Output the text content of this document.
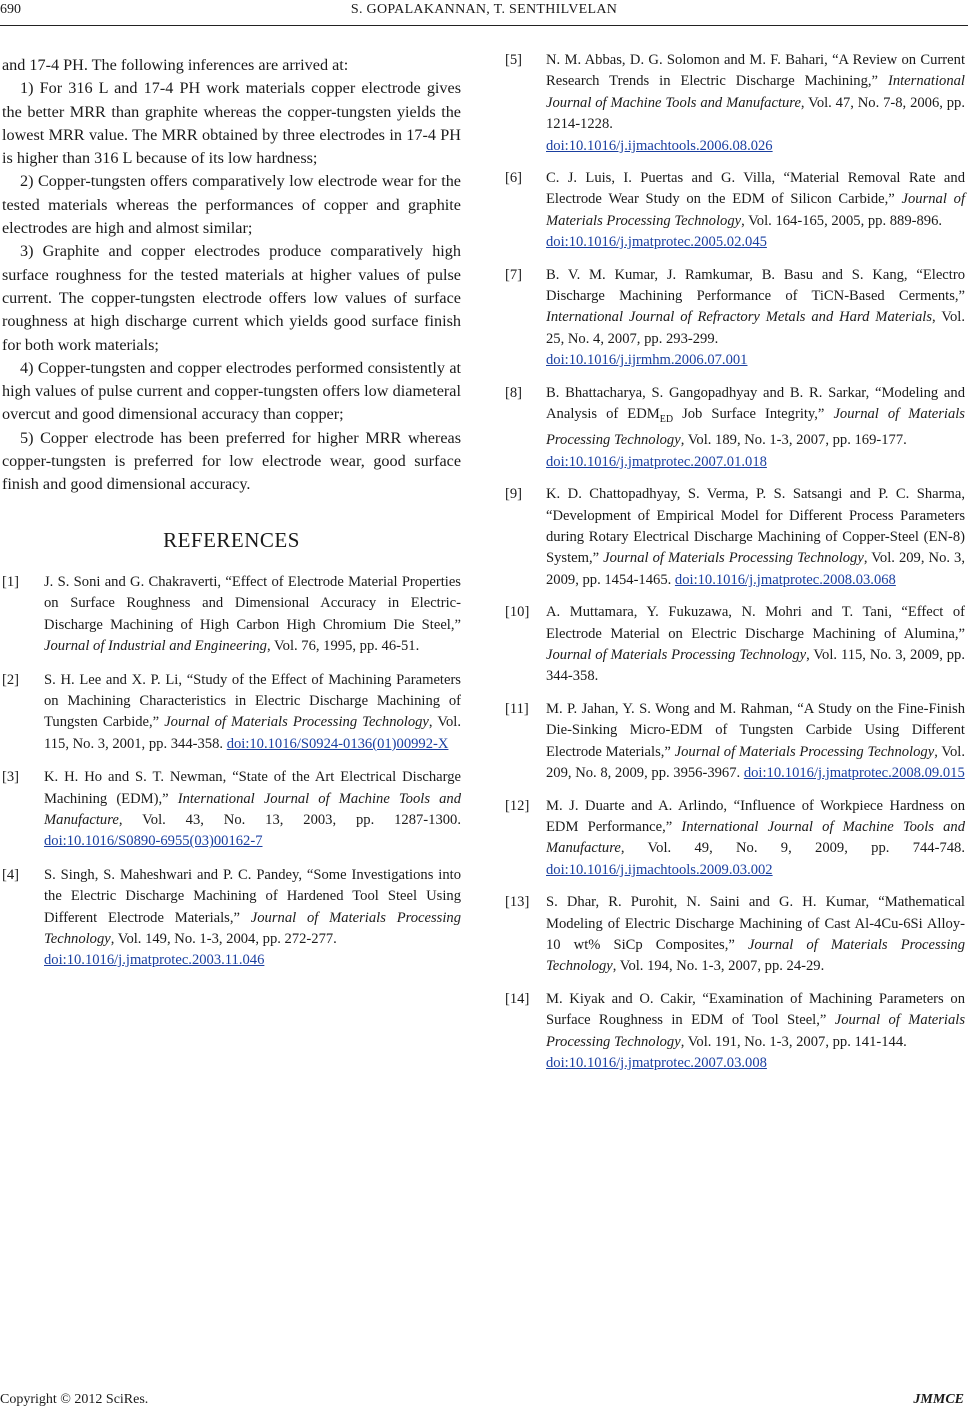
690	S. GOPALAKANNAN, T. SENTHILVELAN

and 17-4 PH. The following inferences are arrived at:

1) For 316 L and 17-4 PH work materials copper electrode gives the better MRR than graphite whereas the copper-tungsten yields the lowest MRR value. The MRR obtained by three electrodes in 17-4 PH is higher than 316 L because of its low hardness;

2) Copper-tungsten offers comparatively low electrode wear for the tested materials whereas the performances of copper and graphite electrodes are high and almost similar;

3) Graphite and copper electrodes produce comparatively high surface roughness for the tested materials at higher values of pulse current. The copper-tungsten electrode offers low values of surface roughness at high discharge current which yields good surface finish for both work materials;

4) Copper-tungsten and copper electrodes performed consistently at high values of pulse current and copper-tungsten offers low diameteral overcut and good dimensional accuracy than copper;

5) Copper electrode has been preferred for higher MRR whereas copper-tungsten is preferred for low electrode wear, good surface finish and good dimensional accuracy.

REFERENCES
[1] J. S. Soni and G. Chakraverti, “Effect of Electrode Material Properties on Surface Roughness and Dimensional Accuracy in Electric-Discharge Machining of High Carbon High Chromium Die Steel,” Journal of Industrial and Engineering, Vol. 76, 1995, pp. 46-51.
[2] S. H. Lee and X. P. Li, “Study of the Effect of Machining Parameters on Machining Characteristics in Electric Discharge Machining of Tungsten Carbide,” Journal of Materials Processing Technology, Vol. 115, No. 3, 2001, pp. 344-358. doi:10.1016/S0924-0136(01)00992-X
[3] K. H. Ho and S. T. Newman, “State of the Art Electrical Discharge Machining (EDM),” International Journal of Machine Tools and Manufacture, Vol. 43, No. 13, 2003, pp. 1287-1300. doi:10.1016/S0890-6955(03)00162-7
[4] S. Singh, S. Maheshwari and P. C. Pandey, “Some Investigations into the Electric Discharge Machining of Hardened Tool Steel Using Different Electrode Materials,” Journal of Materials Processing Technology, Vol. 149, No. 1-3, 2004, pp. 272-277.
doi:10.1016/j.jmatprotec.2003.11.046
[5] N. M. Abbas, D. G. Solomon and M. F. Bahari, “A Review on Current Research Trends in Electric Discharge Machining,” International Journal of Machine Tools and Manufacture, Vol. 47, No. 7-8, 2006, pp. 1214-1228.
doi:10.1016/j.ijmachtools.2006.08.026
[6] C. J. Luis, I. Puertas and G. Villa, “Material Removal Rate and Electrode Wear Study on the EDM of Silicon Carbide,” Journal of Materials Processing Technology, Vol. 164-165, 2005, pp. 889-896.
doi:10.1016/j.jmatprotec.2005.02.045
[7] B. V. M. Kumar, J. Ramkumar, B. Basu and S. Kang, “Electro Discharge Machining Performance of TiCN-Based Cerments,” International Journal of Refractory Metals and Hard Materials, Vol. 25, No. 4, 2007, pp. 293-299.
doi:10.1016/j.ijrmhm.2006.07.001
[8] B. Bhattacharya, S. Gangopadhyay and B. R. Sarkar, “Modeling and Analysis of $EDM_{ED}$ Job Surface Integrity,” Journal of Materials Processing Technology, Vol. 189, No. 1-3, 2007, pp. 169-177.
doi:10.1016/j.jmatprotec.2007.01.018
[9] K. D. Chattopadhyay, S. Verma, P. S. Satsangi and P. C. Sharma, “Development of Empirical Model for Different Process Parameters during Rotary Electrical Discharge Machining of Copper-Steel (EN-8) System,” Journal of Materials Processing Technology, Vol. 209, No. 3, 2009, pp. 1454-1465. doi:10.1016/j.jmatprotec.2008.03.068
[10] A. Muttamara, Y. Fukuzawa, N. Mohri and T. Tani, “Effect of Electrode Material on Electric Discharge Machining of Alumina,” Journal of Materials Processing Technology, Vol. 115, No. 3, 2009, pp. 344-358.
[11] M. P. Jahan, Y. S. Wong and M. Rahman, “A Study on the Fine-Finish Die-Sinking Micro-EDM of Tungsten Carbide Using Different Electrode Materials,” Journal of Materials Processing Technology, Vol. 209, No. 8, 2009, pp. 3956-3967. doi:10.1016/j.jmatprotec.2008.09.015
[12] M. J. Duarte and A. Arlindo, “Influence of Workpiece Hardness on EDM Performance,” International Journal of Machine Tools and Manufacture, Vol. 49, No. 9, 2009, pp. 744-748. doi:10.1016/j.ijmachtools.2009.03.002
[13] S. Dhar, R. Purohit, N. Saini and G. H. Kumar, “Mathematical Modeling of Electric Discharge Machining of Cast Al-4Cu-6Si Alloy-10 wt% SiCp Composites,” Journal of Materials Processing Technology, Vol. 194, No. 1-3, 2007, pp. 24-29.
[14] M. Kiyak and O. Cakir, “Examination of Machining Parameters on Surface Roughness in EDM of Tool Steel,” Journal of Materials Processing Technology, Vol. 191, No. 1-3, 2007, pp. 141-144.
doi:10.1016/j.jmatprotec.2007.03.008
Copyright © 2012 SciRes.	JMMCE
